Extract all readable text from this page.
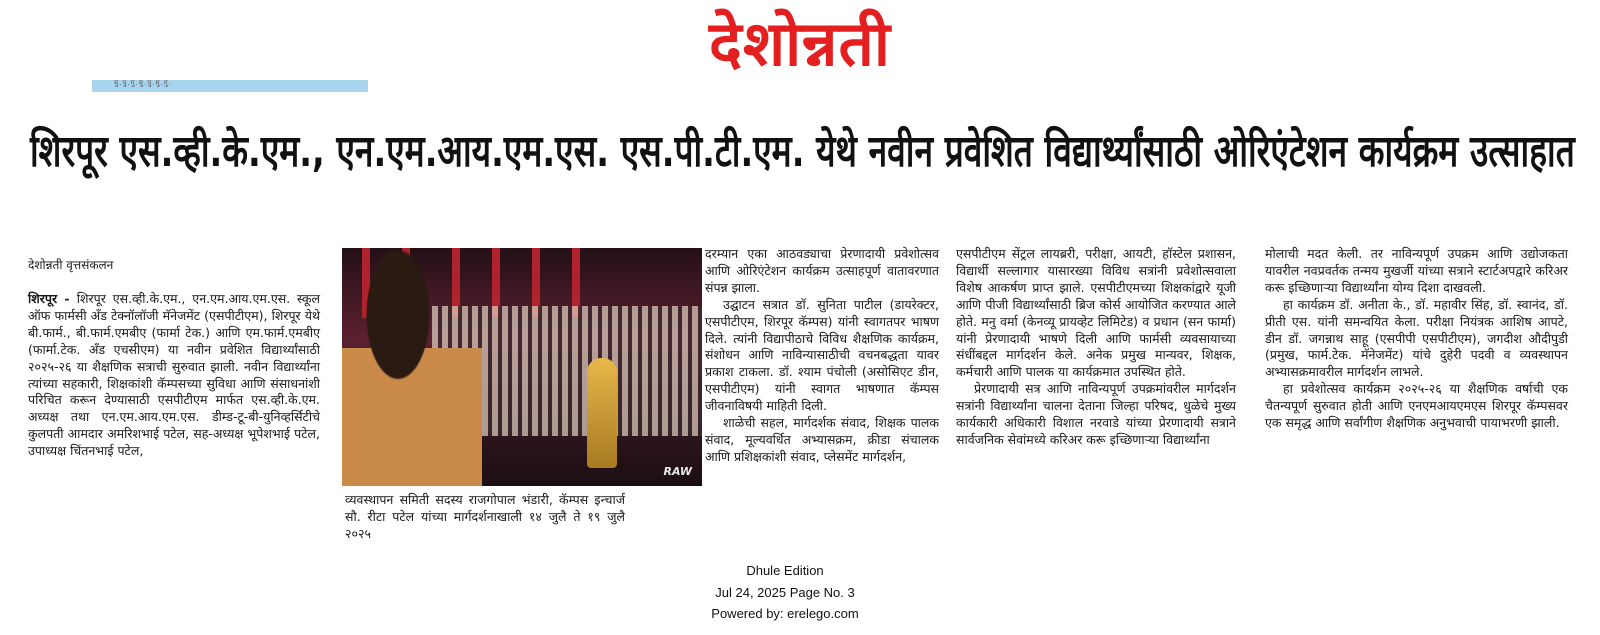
देशोन्नती
मु.पु.गु.मु.पु.मु.गु.
शिरपूर एस.व्ही.के.एम., एन.एम.आय.एम.एस. एस.पी.टी.एम. येथे नवीन प्रवेशित विद्यार्थ्यांसाठी ओरिएंटेशन कार्यक्रम उत्साहात
देशोन्नती वृत्तसंकलन

शिरपूर - शिरपूर एस.व्ही.के.एम., एन.एम.आय.एम.एस. स्कूल ऑफ फार्मसी अँड टेक्नॉलॉजी मॅनेजमेंट (एसपीटीएम), शिरपूर येथे बी.फार्म., बी.फार्म.एमबीए (फार्मा टेक.) आणि एम.फार्म.एमबीए (फार्मा.टेक. अँड एचसीएम) या नवीन प्रवेशित विद्यार्थ्यांसाठी २०२५-२६ या शैक्षणिक सत्राची सुरुवात झाली. नवीन विद्यार्थ्यांना त्यांच्या सहकारी, शिक्षकांशी कॅम्पसच्या सुविधा आणि संसाधनांशी परिचित करून देण्यासाठी एसपीटीएम मार्फत एस.व्ही.के.एम. अध्यक्ष तथा एन.एम.आय.एम.एस. डीम्ड-टू-बी-युनिव्हर्सिटीचे कुलपती आमदार अमरिशभाई पटेल, सह-अध्यक्ष भूपेशभाई पटेल, उपाध्यक्ष चिंतनभाई पटेल,

RAW

व्यवस्थापन समिती सदस्य राजगोपाल भंडारी, कॅम्पस इन्चार्ज सौ. रीटा पटेल यांच्या मार्गदर्शनाखाली १४ जुलै ते १९ जुलै २०२५

दरम्यान एका आठवड्याचा प्रेरणादायी प्रवेशोत्सव आणि ओरिएंटेशन कार्यक्रम उत्साहपूर्ण वातावरणात संपन्न झाला.

उद्घाटन सत्रात डॉ. सुनिता पाटील (डायरेक्टर, एसपीटीएम, शिरपूर कॅम्पस) यांनी स्वागतपर भाषण दिले. त्यांनी विद्यापीठाचे विविध शैक्षणिक कार्यक्रम, संशोधन आणि नाविन्यासाठीची वचनबद्धता यावर प्रकाश टाकला. डॉ. श्याम पंचोली (असोसिएट डीन, एसपीटीएम) यांनी स्वागत भाषणात कॅम्पस जीवनाविषयी माहिती दिली.

शाळेची सहल, मार्गदर्शक संवाद, शिक्षक पालक संवाद, मूल्यवर्धित अभ्यासक्रम, क्रीडा संचालक आणि प्रशिक्षकांशी संवाद, प्लेसमेंट मार्गदर्शन,

एसपीटीएम सेंट्रल लायब्ररी, परीक्षा, आयटी, हॉस्टेल प्रशासन, विद्यार्थी सल्लागार यासारख्या विविध सत्रांनी प्रवेशोत्सवाला विशेष आकर्षण प्राप्त झाले. एसपीटीएमच्या शिक्षकांद्वारे यूजी आणि पीजी विद्यार्थ्यांसाठी ब्रिज कोर्स आयोजित करण्यात आले होते. मनु वर्मा (केनव्यू प्रायव्हेट लिमिटेड) व प्रधान (सन फार्मा) यांनी प्रेरणादायी भाषणे दिली आणि फार्मसी व्यवसायाच्या संधींबद्दल मार्गदर्शन केले. अनेक प्रमुख मान्यवर, शिक्षक, कर्मचारी आणि पालक या कार्यक्रमात उपस्थित होते.

प्रेरणादायी सत्र आणि नाविन्यपूर्ण उपक्रमांवरील मार्गदर्शन सत्रांनी विद्यार्थ्यांना चालना देताना जिल्हा परिषद, धुळेचे मुख्य कार्यकारी अधिकारी विशाल नरवाडे यांच्या प्रेरणादायी सत्राने सार्वजनिक सेवांमध्ये करिअर करू इच्छिणाऱ्या विद्यार्थ्यांना

मोलाची मदत केली. तर नाविन्यपूर्ण उपक्रम आणि उद्योजकता यावरील नवप्रवर्तक तन्मय मुखर्जी यांच्या सत्राने स्टार्टअपद्वारे करिअर करू इच्छिणाऱ्या विद्यार्थ्यांना योग्य दिशा दाखवली.

हा कार्यक्रम डॉ. अनीता के., डॉ. महावीर सिंह, डॉ. स्वानंद, डॉ. प्रीती एस. यांनी समन्वयित केला. परीक्षा नियंत्रक आशिष आपटे, डीन डॉ. जगन्नाथ साहू (एसपीपी एसपीटीएम), जगदीश औदीपुडी (प्रमुख, फार्म.टेक. मॅनेजमेंट) यांचे दुहेरी पदवी व व्यवस्थापन अभ्यासक्रमावरील मार्गदर्शन लाभले.

हा प्रवेशोत्सव कार्यक्रम २०२५-२६ या शैक्षणिक वर्षाची एक चैतन्यपूर्ण सुरुवात होती आणि एनएमआयएमएस शिरपूर कॅम्पसवर एक समृद्ध आणि सर्वांगीण शैक्षणिक अनुभवाची पायाभरणी झाली.

Dhule Edition
Jul 24, 2025 Page No. 3
Powered by: erelego.com
